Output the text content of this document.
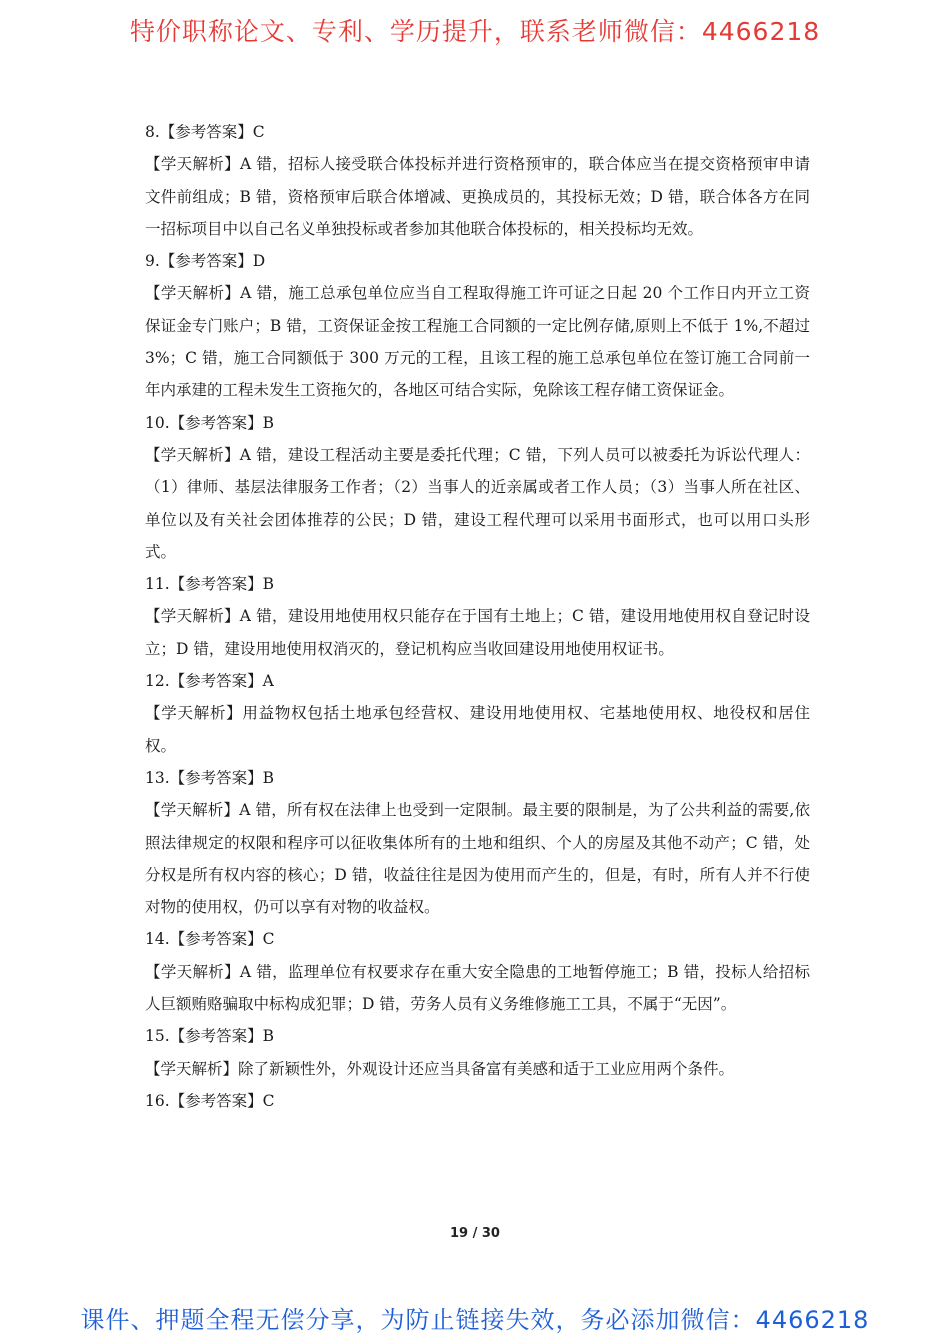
特价职称论文、专利、学历提升，联系老师微信：4466218

8.【参考答案】C

【学天解析】A 错，招标人接受联合体投标并进行资格预审的，联合体应当在提交资格预审申请文件前组成；B 错，资格预审后联合体增减、更换成员的，其投标无效；D 错，联合体各方在同一招标项目中以自己名义单独投标或者参加其他联合体投标的，相关投标均无效。

9.【参考答案】D

【学天解析】A 错，施工总承包单位应当自工程取得施工许可证之日起 20 个工作日内开立工资保证金专门账户；B 错，工资保证金按工程施工合同额的一定比例存储,原则上不低于 1%,不超过 3%；C 错，施工合同额低于 300 万元的工程，且该工程的施工总承包单位在签订施工合同前一年内承建的工程未发生工资拖欠的，各地区可结合实际，免除该工程存储工资保证金。

10.【参考答案】B

【学天解析】A 错，建设工程活动主要是委托代理；C 错，下列人员可以被委托为诉讼代理人：（1）律师、基层法律服务工作者；（2）当事人的近亲属或者工作人员；（3）当事人所在社区、单位以及有关社会团体推荐的公民；D 错，建设工程代理可以采用书面形式，也可以用口头形式。

11.【参考答案】B

【学天解析】A 错，建设用地使用权只能存在于国有土地上；C 错，建设用地使用权自登记时设立；D 错，建设用地使用权消灭的，登记机构应当收回建设用地使用权证书。

12.【参考答案】A

【学天解析】用益物权包括土地承包经营权、建设用地使用权、宅基地使用权、地役权和居住权。

13.【参考答案】B

【学天解析】A 错，所有权在法律上也受到一定限制。最主要的限制是，为了公共利益的需要,依照法律规定的权限和程序可以征收集体所有的土地和组织、个人的房屋及其他不动产；C 错，处分权是所有权内容的核心；D 错，收益往往是因为使用而产生的，但是，有时，所有人并不行使对物的使用权，仍可以享有对物的收益权。

14.【参考答案】C

【学天解析】A 错，监理单位有权要求存在重大安全隐患的工地暂停施工；B 错，投标人给招标人巨额贿赂骗取中标构成犯罪；D 错，劳务人员有义务维修施工工具，不属于“无因”。

15.【参考答案】B

【学天解析】除了新颖性外，外观设计还应当具备富有美感和适于工业应用两个条件。

16.【参考答案】C

19 / 30
课件、押题全程无偿分享，为防止链接失效，务必添加微信：4466218
